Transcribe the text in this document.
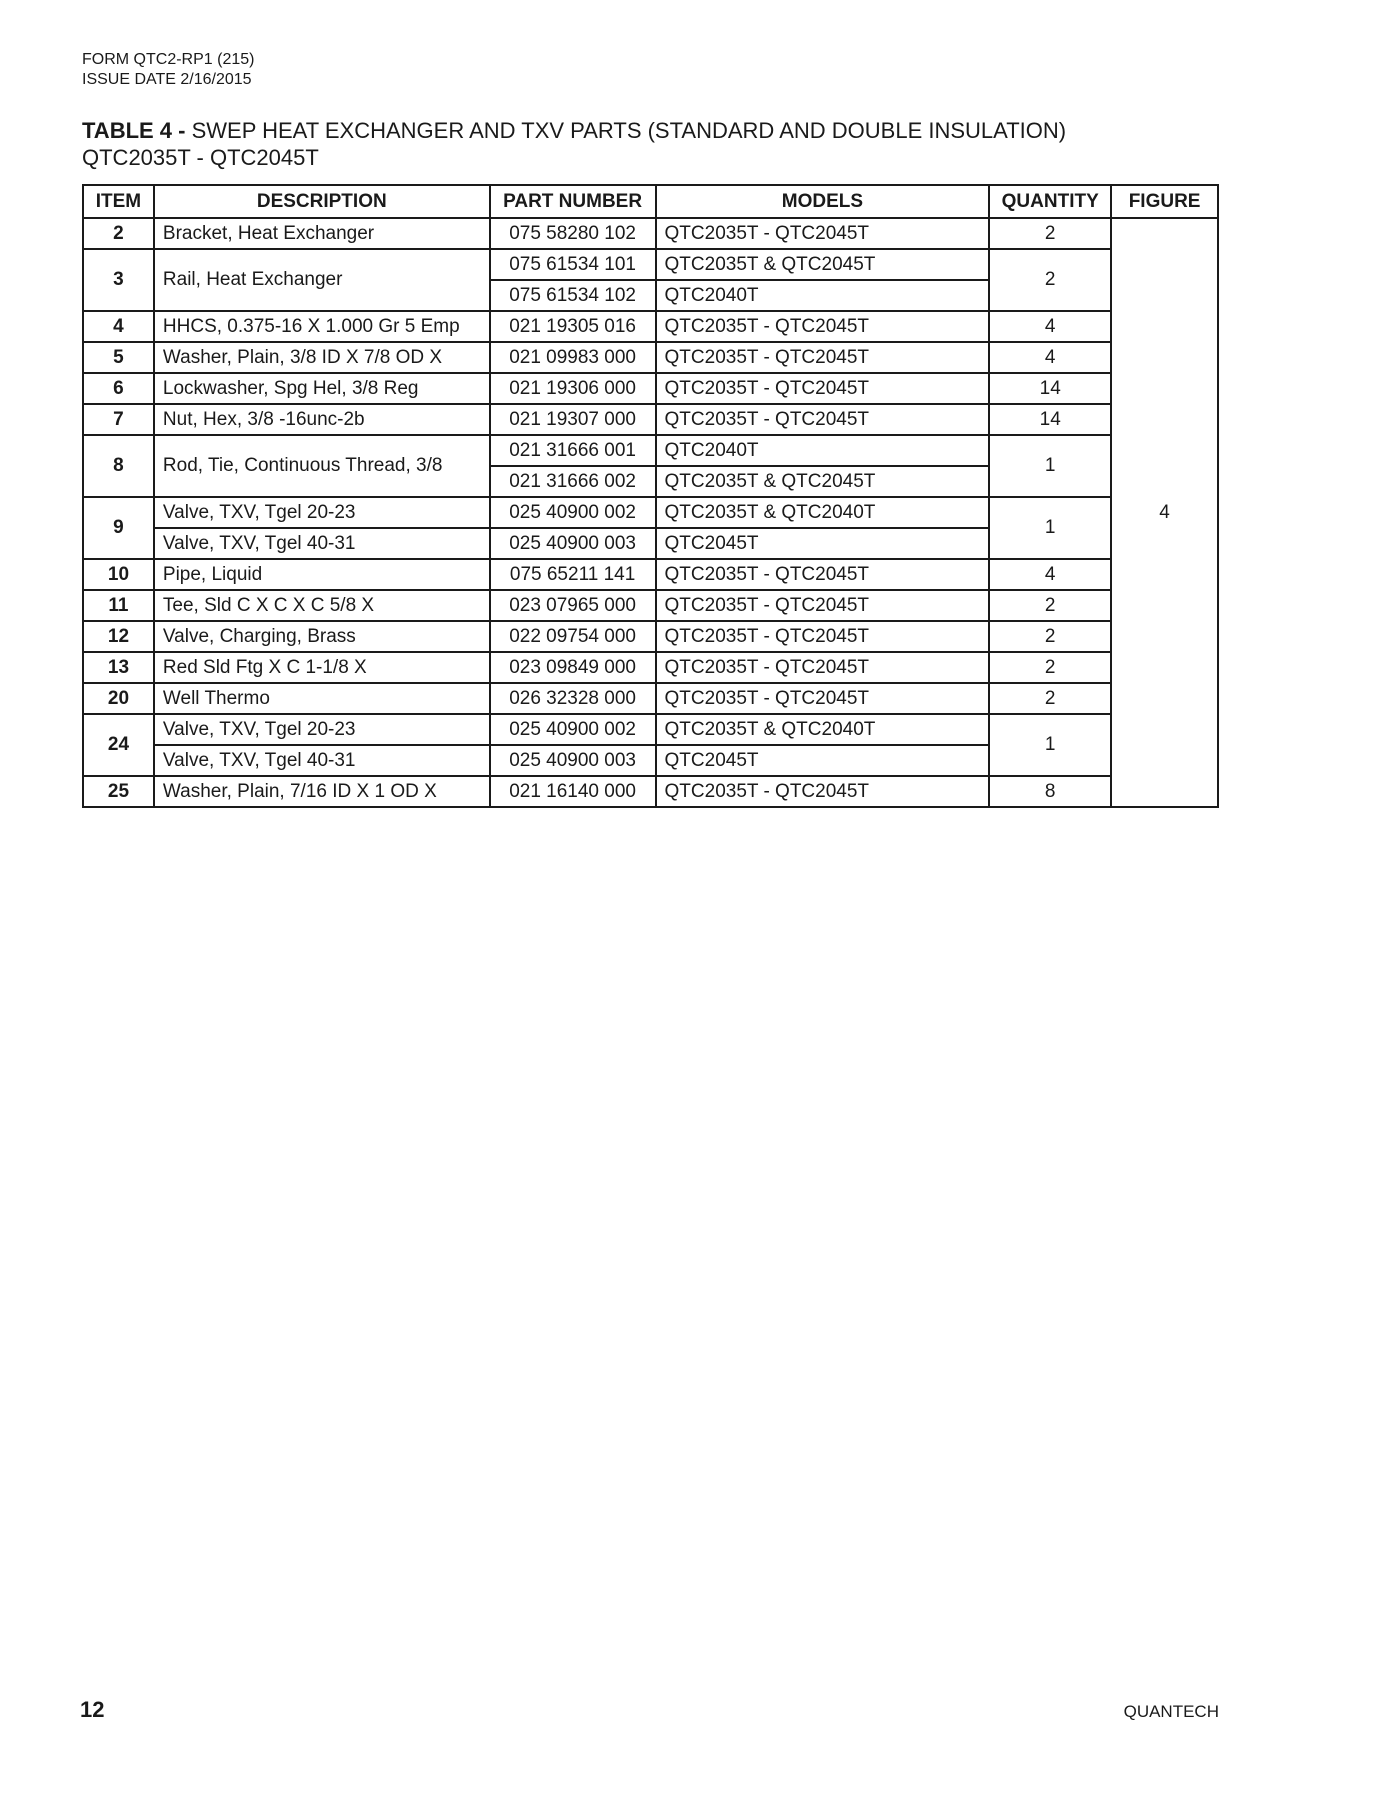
FORM QTC2-RP1 (215)
ISSUE DATE 2/16/2015
TABLE 4 - SWEP HEAT EXCHANGER AND TXV PARTS (STANDARD AND DOUBLE INSULATION)
QTC2035T - QTC2045T
ITEM	DESCRIPTION	PART NUMBER	MODELS	QUANTITY	FIGURE
2	Bracket, Heat Exchanger	075 58280 102	QTC2035T - QTC2045T	2	4
3	Rail, Heat Exchanger	075 61534 101	QTC2035T & QTC2045T	2	
		075 61534 102	QTC2040T		
4	HHCS, 0.375-16 X 1.000 Gr 5 Emp	021 19305 016	QTC2035T - QTC2045T	4	
5	Washer, Plain, 3/8 ID X 7/8 OD X	021 09983 000	QTC2035T - QTC2045T	4	
6	Lockwasher, Spg Hel, 3/8 Reg	021 19306 000	QTC2035T - QTC2045T	14	
7	Nut, Hex, 3/8 -16unc-2b	021 19307 000	QTC2035T - QTC2045T	14	
8	Rod, Tie, Continuous Thread, 3/8	021 31666 001	QTC2040T	1	
		021 31666 002	QTC2035T & QTC2045T		
9	Valve, TXV, Tgel 20-23	025 40900 002	QTC2035T & QTC2040T	1	
	Valve, TXV, Tgel 40-31	025 40900 003	QTC2045T		
10	Pipe, Liquid	075 65211 141	QTC2035T - QTC2045T	4	
11	Tee, Sld C X C X C 5/8 X	023 07965 000	QTC2035T - QTC2045T	2	
12	Valve, Charging, Brass	022 09754 000	QTC2035T - QTC2045T	2	
13	Red Sld Ftg X C 1-1/8 X	023 09849 000	QTC2035T - QTC2045T	2	
20	Well Thermo	026 32328 000	QTC2035T - QTC2045T	2	
24	Valve, TXV, Tgel 20-23	025 40900 002	QTC2035T & QTC2040T	1	
	Valve, TXV, Tgel 40-31	025 40900 003	QTC2045T		
25	Washer, Plain, 7/16 ID X 1 OD X	021 16140 000	QTC2035T - QTC2045T	8	
12	QUANTECH
